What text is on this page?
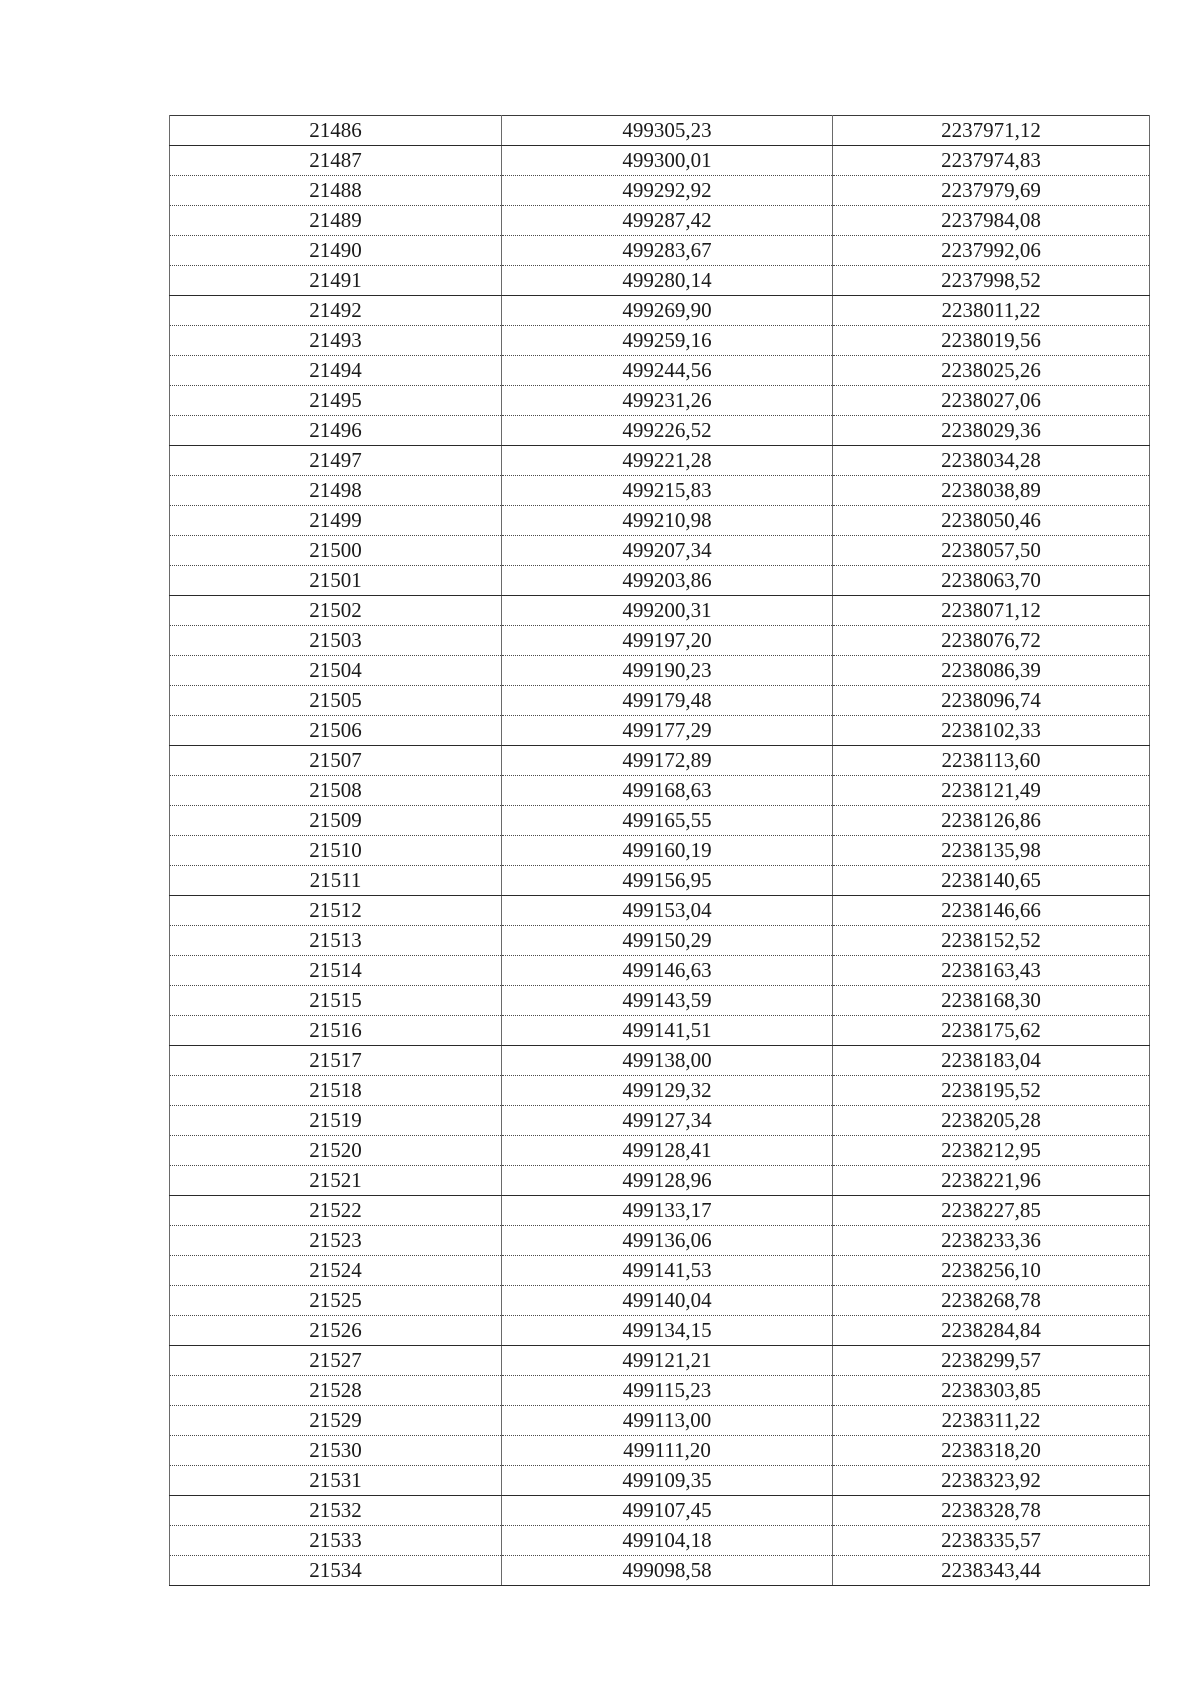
21486	499305,23	2237971,12
21487	499300,01	2237974,83
21488	499292,92	2237979,69
21489	499287,42	2237984,08
21490	499283,67	2237992,06
21491	499280,14	2237998,52
21492	499269,90	2238011,22
21493	499259,16	2238019,56
21494	499244,56	2238025,26
21495	499231,26	2238027,06
21496	499226,52	2238029,36
21497	499221,28	2238034,28
21498	499215,83	2238038,89
21499	499210,98	2238050,46
21500	499207,34	2238057,50
21501	499203,86	2238063,70
21502	499200,31	2238071,12
21503	499197,20	2238076,72
21504	499190,23	2238086,39
21505	499179,48	2238096,74
21506	499177,29	2238102,33
21507	499172,89	2238113,60
21508	499168,63	2238121,49
21509	499165,55	2238126,86
21510	499160,19	2238135,98
21511	499156,95	2238140,65
21512	499153,04	2238146,66
21513	499150,29	2238152,52
21514	499146,63	2238163,43
21515	499143,59	2238168,30
21516	499141,51	2238175,62
21517	499138,00	2238183,04
21518	499129,32	2238195,52
21519	499127,34	2238205,28
21520	499128,41	2238212,95
21521	499128,96	2238221,96
21522	499133,17	2238227,85
21523	499136,06	2238233,36
21524	499141,53	2238256,10
21525	499140,04	2238268,78
21526	499134,15	2238284,84
21527	499121,21	2238299,57
21528	499115,23	2238303,85
21529	499113,00	2238311,22
21530	499111,20	2238318,20
21531	499109,35	2238323,92
21532	499107,45	2238328,78
21533	499104,18	2238335,57
21534	499098,58	2238343,44
